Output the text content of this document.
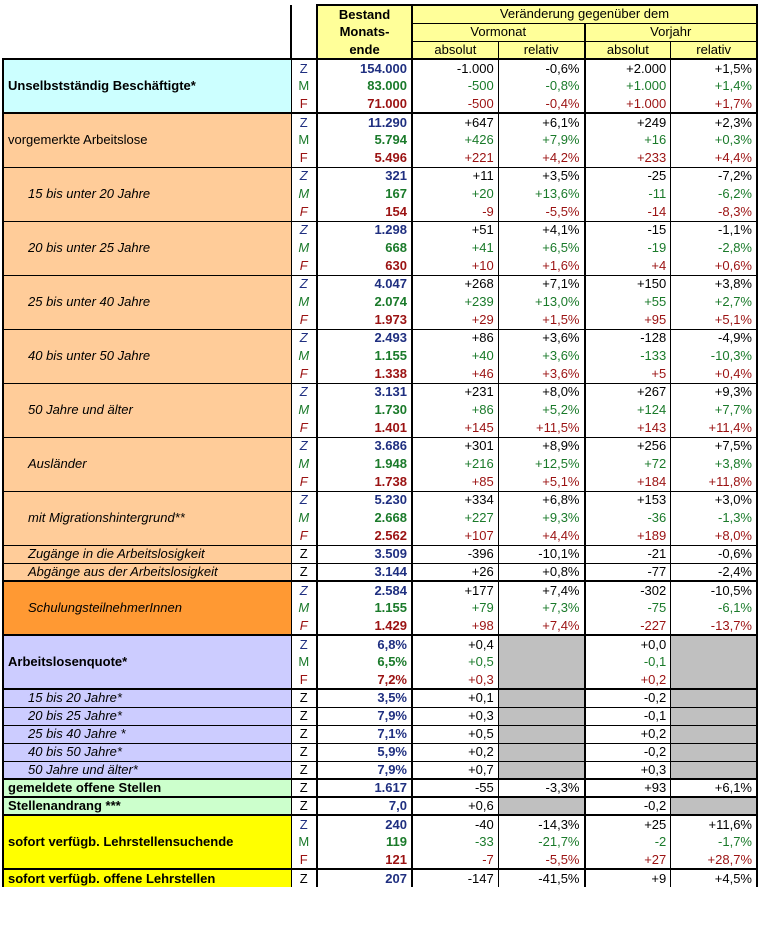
		Bestand	Veränderung gegenüber dem			
		Monats-	Vormonat		Vorjahr	
		ende	absolut	relativ	absolut	relativ
Unselbstständig Beschäftigte*	Z	154.000	-1.000	-0,6%	+2.000	+1,5%
	M	83.000	-500	-0,8%	+1.000	+1,4%
	F	71.000	-500	-0,4%	+1.000	+1,7%
vorgemerkte Arbeitslose	Z	11.290	+647	+6,1%	+249	+2,3%
	M	5.794	+426	+7,9%	+16	+0,3%
	F	5.496	+221	+4,2%	+233	+4,4%
15 bis unter 20 Jahre	Z	321	+11	+3,5%	-25	-7,2%
	M	167	+20	+13,6%	-11	-6,2%
	F	154	-9	-5,5%	-14	-8,3%
20 bis unter 25 Jahre	Z	1.298	+51	+4,1%	-15	-1,1%
	M	668	+41	+6,5%	-19	-2,8%
	F	630	+10	+1,6%	+4	+0,6%
25 bis unter 40 Jahre	Z	4.047	+268	+7,1%	+150	+3,8%
	M	2.074	+239	+13,0%	+55	+2,7%
	F	1.973	+29	+1,5%	+95	+5,1%
40 bis unter 50 Jahre	Z	2.493	+86	+3,6%	-128	-4,9%
	M	1.155	+40	+3,6%	-133	-10,3%
	F	1.338	+46	+3,6%	+5	+0,4%
50 Jahre und älter	Z	3.131	+231	+8,0%	+267	+9,3%
	M	1.730	+86	+5,2%	+124	+7,7%
	F	1.401	+145	+11,5%	+143	+11,4%
Ausländer	Z	3.686	+301	+8,9%	+256	+7,5%
	M	1.948	+216	+12,5%	+72	+3,8%
	F	1.738	+85	+5,1%	+184	+11,8%
mit Migrationshintergrund**	Z	5.230	+334	+6,8%	+153	+3,0%
	M	2.668	+227	+9,3%	-36	-1,3%
	F	2.562	+107	+4,4%	+189	+8,0%
Zugänge in die Arbeitslosigkeit	Z	3.509	-396	-10,1%	-21	-0,6%
Abgänge aus der Arbeitslosigkeit	Z	3.144	+26	+0,8%	-77	-2,4%
SchulungsteilnehmerInnen	Z	2.584	+177	+7,4%	-302	-10,5%
	M	1.155	+79	+7,3%	-75	-6,1%
	F	1.429	+98	+7,4%	-227	-13,7%
Arbeitslosenquote*	Z	6,8%	+0,4		+0,0	
	M	6,5%	+0,5		-0,1	
	F	7,2%	+0,3		+0,2	
15 bis 20 Jahre*	Z	3,5%	+0,1		-0,2	
20 bis 25 Jahre*	Z	7,9%	+0,3		-0,1	
25 bis 40 Jahre *	Z	7,1%	+0,5		+0,2	
40 bis 50 Jahre*	Z	5,9%	+0,2		-0,2	
50 Jahre und älter*	Z	7,9%	+0,7		+0,3	
gemeldete offene Stellen	Z	1.617	-55	-3,3%	+93	+6,1%
Stellenandrang ***	Z	7,0	+0,6		-0,2	
sofort verfügb. Lehrstellensuchende	Z	240	-40	-14,3%	+25	+11,6%
	M	119	-33	-21,7%	-2	-1,7%
	F	121	-7	-5,5%	+27	+28,7%
sofort verfügb. offene Lehrstellen	Z	207	-147	-41,5%	+9	+4,5%
